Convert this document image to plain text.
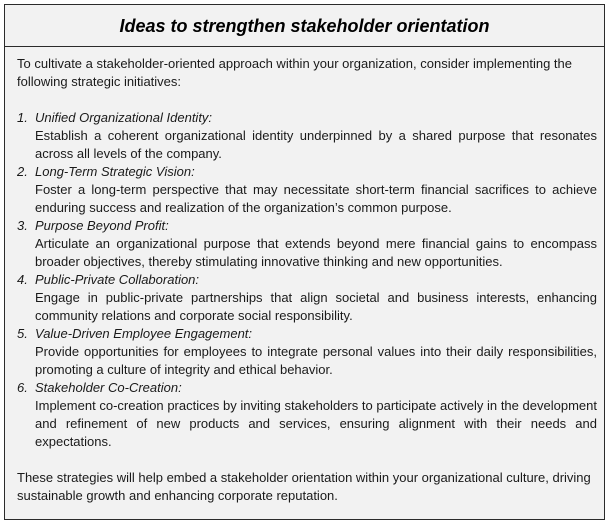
Ideas to strengthen stakeholder orientation

To cultivate a stakeholder-oriented approach within your organization, consider implementing the following strategic initiatives:

1. Unified Organizational Identity:
Establish a coherent organizational identity underpinned by a shared purpose that resonates across all levels of the company.
2. Long-Term Strategic Vision:
Foster a long-term perspective that may necessitate short-term financial sacrifices to achieve enduring success and realization of the organization’s common purpose.
3. Purpose Beyond Profit:
Articulate an organizational purpose that extends beyond mere financial gains to encompass broader objectives, thereby stimulating innovative thinking and new opportunities.
4. Public-Private Collaboration:
Engage in public-private partnerships that align societal and business interests, enhancing community relations and corporate social responsibility.
5. Value-Driven Employee Engagement:
Provide opportunities for employees to integrate personal values into their daily responsibilities, promoting a culture of integrity and ethical behavior.
6. Stakeholder Co-Creation:
Implement co-creation practices by inviting stakeholders to participate actively in the development and refinement of new products and services, ensuring alignment with their needs and expectations.

These strategies will help embed a stakeholder orientation within your organizational culture, driving sustainable growth and enhancing corporate reputation.
